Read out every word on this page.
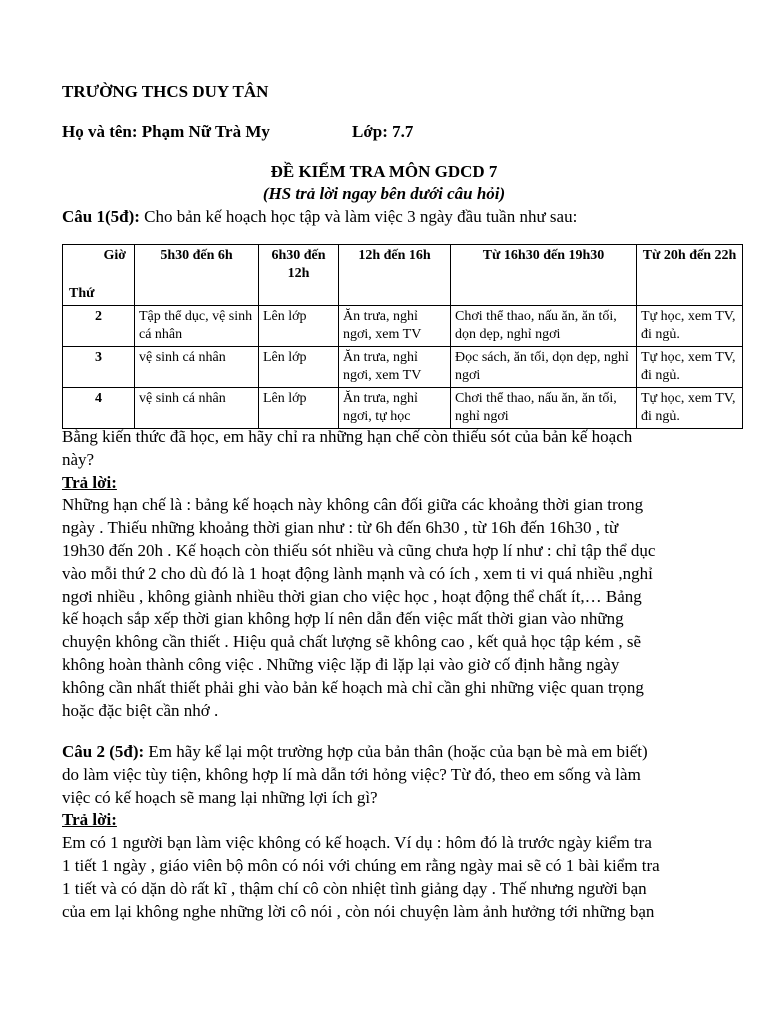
TRƯỜNG THCS DUY TÂN
Họ và tên: Phạm Nữ Trà My	Lớp: 7.7
ĐỀ KIỂM TRA MÔN GDCD 7
(HS trả lời ngay bên dưới câu hỏi)
Câu 1(5đ): Cho bản kế hoạch học tập và làm việc 3 ngày đầu tuần như sau:
Giờ
Thứ	5h30 đến 6h	6h30 đến 12h	12h đến 16h	Từ 16h30 đến 19h30	Từ 20h đến 22h
2	Tập thể dục, vệ sinh cá nhân	Lên lớp	Ăn trưa, nghỉ ngơi, xem TV	Chơi thể thao, nấu ăn, ăn tối, dọn dẹp, nghỉ ngơi	Tự học, xem TV, đi ngủ.
3	vệ sinh cá nhân	Lên lớp	Ăn trưa, nghỉ ngơi, xem TV	Đọc sách, ăn tối, dọn dẹp, nghỉ ngơi	Tự học, xem TV, đi ngủ.
4	vệ sinh cá nhân	Lên lớp	Ăn trưa, nghỉ ngơi, tự học	Chơi thể thao, nấu ăn, ăn tối, nghỉ ngơi	Tự học, xem TV, đi ngủ.
Bằng kiến thức đã học, em hãy chỉ ra những hạn chế còn thiếu sót của bản kế hoạch
này?
Trả lời:
Những hạn chế là : bảng kế hoạch này không cân đối giữa các khoảng thời gian trong
ngày . Thiếu những khoảng thời gian như : từ 6h đến 6h30 , từ 16h đến 16h30 , từ
19h30 đến 20h . Kế hoạch còn thiếu sót nhiều và cũng chưa hợp lí như : chỉ tập thể dục
vào mỗi thứ 2 cho dù đó là 1 hoạt động lành mạnh và có ích , xem ti vi quá nhiều ,nghỉ
ngơi nhiều , không giành nhiều thời gian cho việc học , hoạt động thể chất ít,… Bảng
kế hoạch sắp xếp thời gian không hợp lí nên dẫn đến việc mất thời gian vào những
chuyện không cần thiết . Hiệu quả chất lượng sẽ không cao , kết quả học tập kém , sẽ
không hoàn thành công việc . Những việc lặp đi lặp lại vào giờ cố định hằng ngày
không cần nhất thiết phải ghi vào bản kế hoạch mà chỉ cần ghi những việc quan trọng
hoặc đặc biệt cần nhớ .
Câu 2 (5đ): Em hãy kể lại một trường hợp của bản thân (hoặc của bạn bè mà em biết)
do làm việc tùy tiện, không hợp lí mà dẫn tới hỏng việc? Từ đó, theo em sống và làm
việc có kế hoạch sẽ mang lại những lợi ích gì?
Trả lời:
Em có 1 người bạn làm việc không có kế hoạch. Ví dụ : hôm đó là trước ngày kiểm tra
1 tiết 1 ngày , giáo viên bộ môn có nói với chúng em rằng ngày mai sẽ có 1 bài kiểm tra
1 tiết và có dặn dò rất kĩ , thậm chí cô còn nhiệt tình giảng dạy . Thế nhưng người bạn
của em lại không nghe những lời cô nói , còn nói chuyện làm ảnh hưởng tới những bạn
